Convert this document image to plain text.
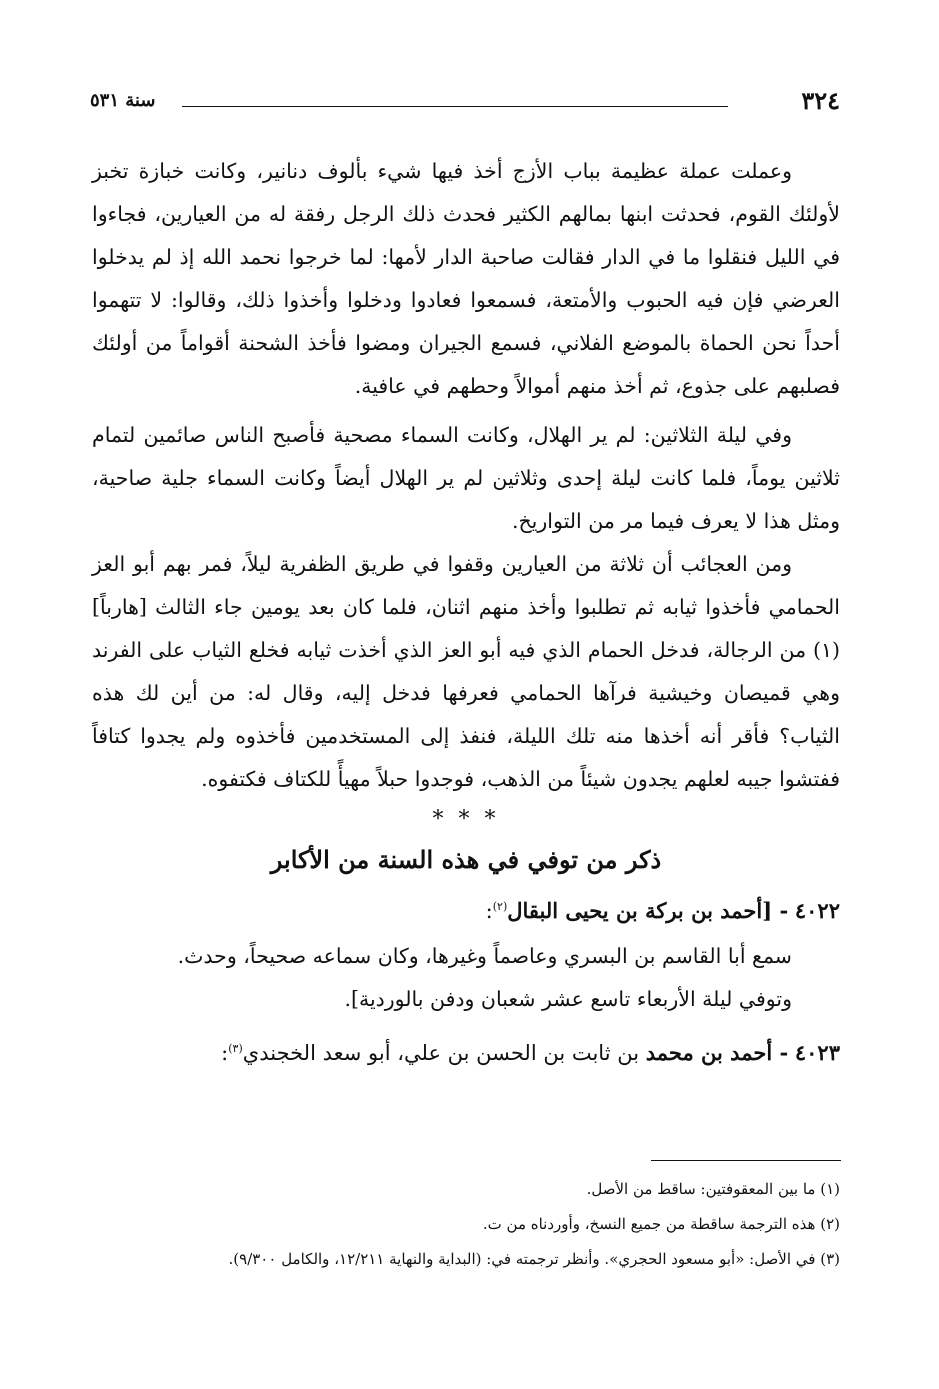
٣٢٤
سنة ٥٣١

وعملت عملة عظيمة بباب الأزج أخذ فيها شيء بألوف دنانير، وكانت خبازة تخبز لأولئك القوم، فحدثت ابنها بمالهم الكثير فحدث ذلك الرجل رفقة له من العيارين، فجاءوا في الليل فنقلوا ما في الدار فقالت صاحبة الدار لأمها: لما خرجوا نحمد الله إذ لم يدخلوا العرضي فإن فيه الحبوب والأمتعة، فسمعوا فعادوا ودخلوا وأخذوا ذلك، وقالوا: لا تتهموا أحداً نحن الحماة بالموضع الفلاني، فسمع الجيران ومضوا فأخذ الشحنة أقواماً من أولئك فصلبهم على جذوع، ثم أخذ منهم أموالاً وحطهم في عافية.

وفي ليلة الثلاثين: لم ير الهلال، وكانت السماء مصحية فأصبح الناس صائمين لتمام ثلاثين يوماً، فلما كانت ليلة إحدى وثلاثين لم ير الهلال أيضاً وكانت السماء جلية صاحية، ومثل هذا لا يعرف فيما مر من التواريخ.

ومن العجائب أن ثلاثة من العيارين وقفوا في طريق الظفرية ليلاً، فمر بهم أبو العز الحمامي فأخذوا ثيابه ثم تطلبوا وأخذ منهم اثنان، فلما كان بعد يومين جاء الثالث [هارباً](١) من الرجالة، فدخل الحمام الذي فيه أبو العز الذي أخذت ثيابه فخلع الثياب على الفرند وهي قميصان وخيشية فرآها الحمامي فعرفها فدخل إليه، وقال له: من أين لك هذه الثياب؟ فأقر أنه أخذها منه تلك الليلة، فنفذ إلى المستخدمين فأخذوه ولم يجدوا كتافاً ففتشوا جيبه لعلهم يجدون شيئاً من الذهب، فوجدوا حبلاً مهيأً للكتاف فكتفوه.

* * *
ذكر من توفي في هذه السنة من الأكابر
٤٠٢٢ - [أحمد بن بركة بن يحيى البقال$^{(٢)}$:

سمع أبا القاسم بن البسري وعاصماً وغيرها، وكان سماعه صحيحاً، وحدث.

وتوفي ليلة الأربعاء تاسع عشر شعبان ودفن بالوردية].

٤٠٢٣ - أحمد بن محمد بن ثابت بن الحسن بن علي، أبو سعد الخجندي$^{(٣)}$:
(١) ما بين المعقوفتين: ساقط من الأصل.
(٢) هذه الترجمة ساقطة من جميع النسخ، وأوردناه من ت.
(٣) في الأصل: «أبو مسعود الحجري». وأنظر ترجمته في: (البداية والنهاية ١٢/٢١١، والكامل ٩/٣٠٠).
